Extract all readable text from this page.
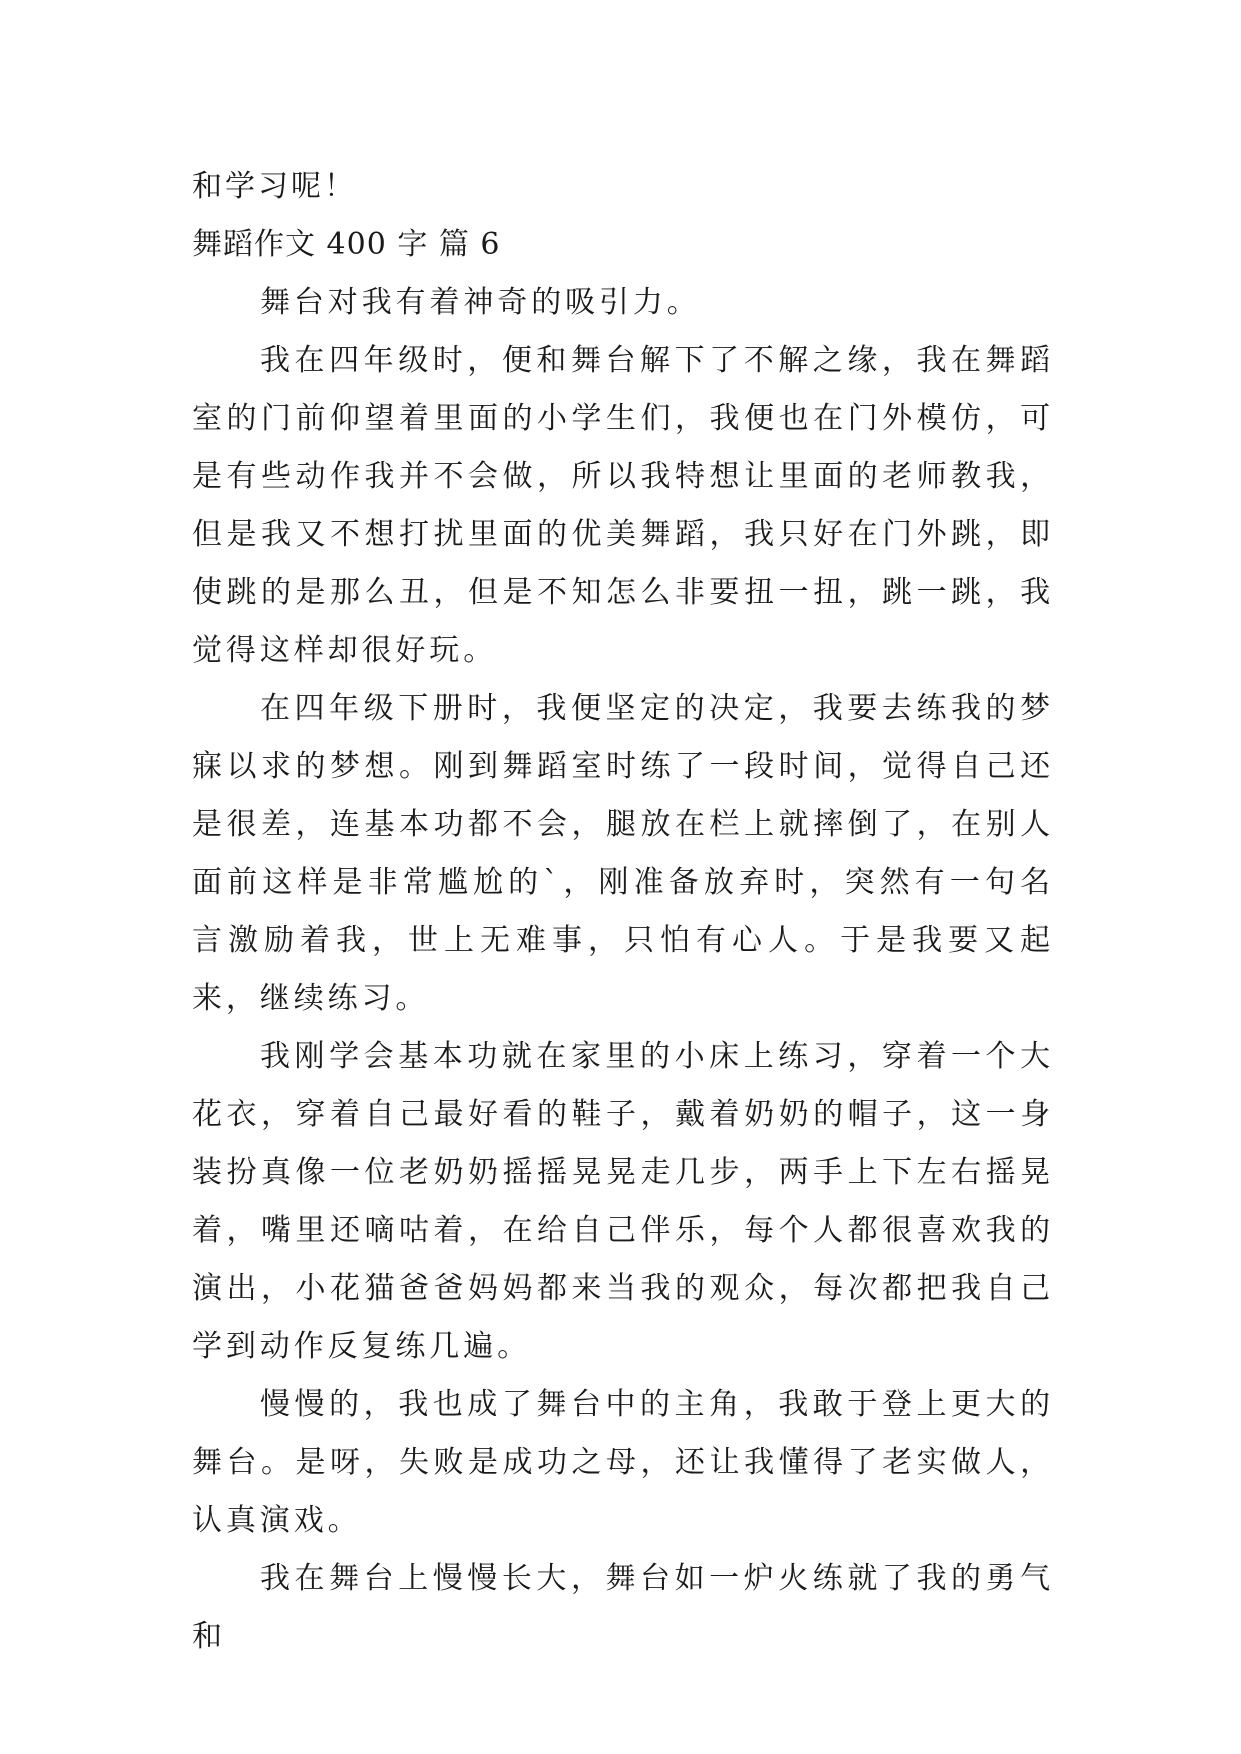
和学习呢！
舞蹈作文 400 字 篇 6

舞台对我有着神奇的吸引力。

我在四年级时，便和舞台解下了不解之缘，我在舞蹈室的门前仰望着里面的小学生们，我便也在门外模仿，可是有些动作我并不会做，所以我特想让里面的老师教我，但是我又不想打扰里面的优美舞蹈，我只好在门外跳，即使跳的是那么丑，但是不知怎么非要扭一扭，跳一跳，我觉得这样却很好玩。

在四年级下册时，我便坚定的决定，我要去练我的梦寐以求的梦想。刚到舞蹈室时练了一段时间，觉得自己还是很差，连基本功都不会，腿放在栏上就摔倒了，在别人面前这样是非常尴尬的`，刚准备放弃时，突然有一句名言激励着我，世上无难事，只怕有心人。于是我要又起来，继续练习。

我刚学会基本功就在家里的小床上练习，穿着一个大花衣，穿着自己最好看的鞋子，戴着奶奶的帽子，这一身装扮真像一位老奶奶摇摇晃晃走几步，两手上下左右摇晃着，嘴里还嘀咕着，在给自己伴乐，每个人都很喜欢我的演出，小花猫爸爸妈妈都来当我的观众，每次都把我自己学到动作反复练几遍。

慢慢的，我也成了舞台中的主角，我敢于登上更大的舞台。是呀，失败是成功之母，还让我懂得了老实做人，认真演戏。

我在舞台上慢慢长大，舞台如一炉火练就了我的勇气和
